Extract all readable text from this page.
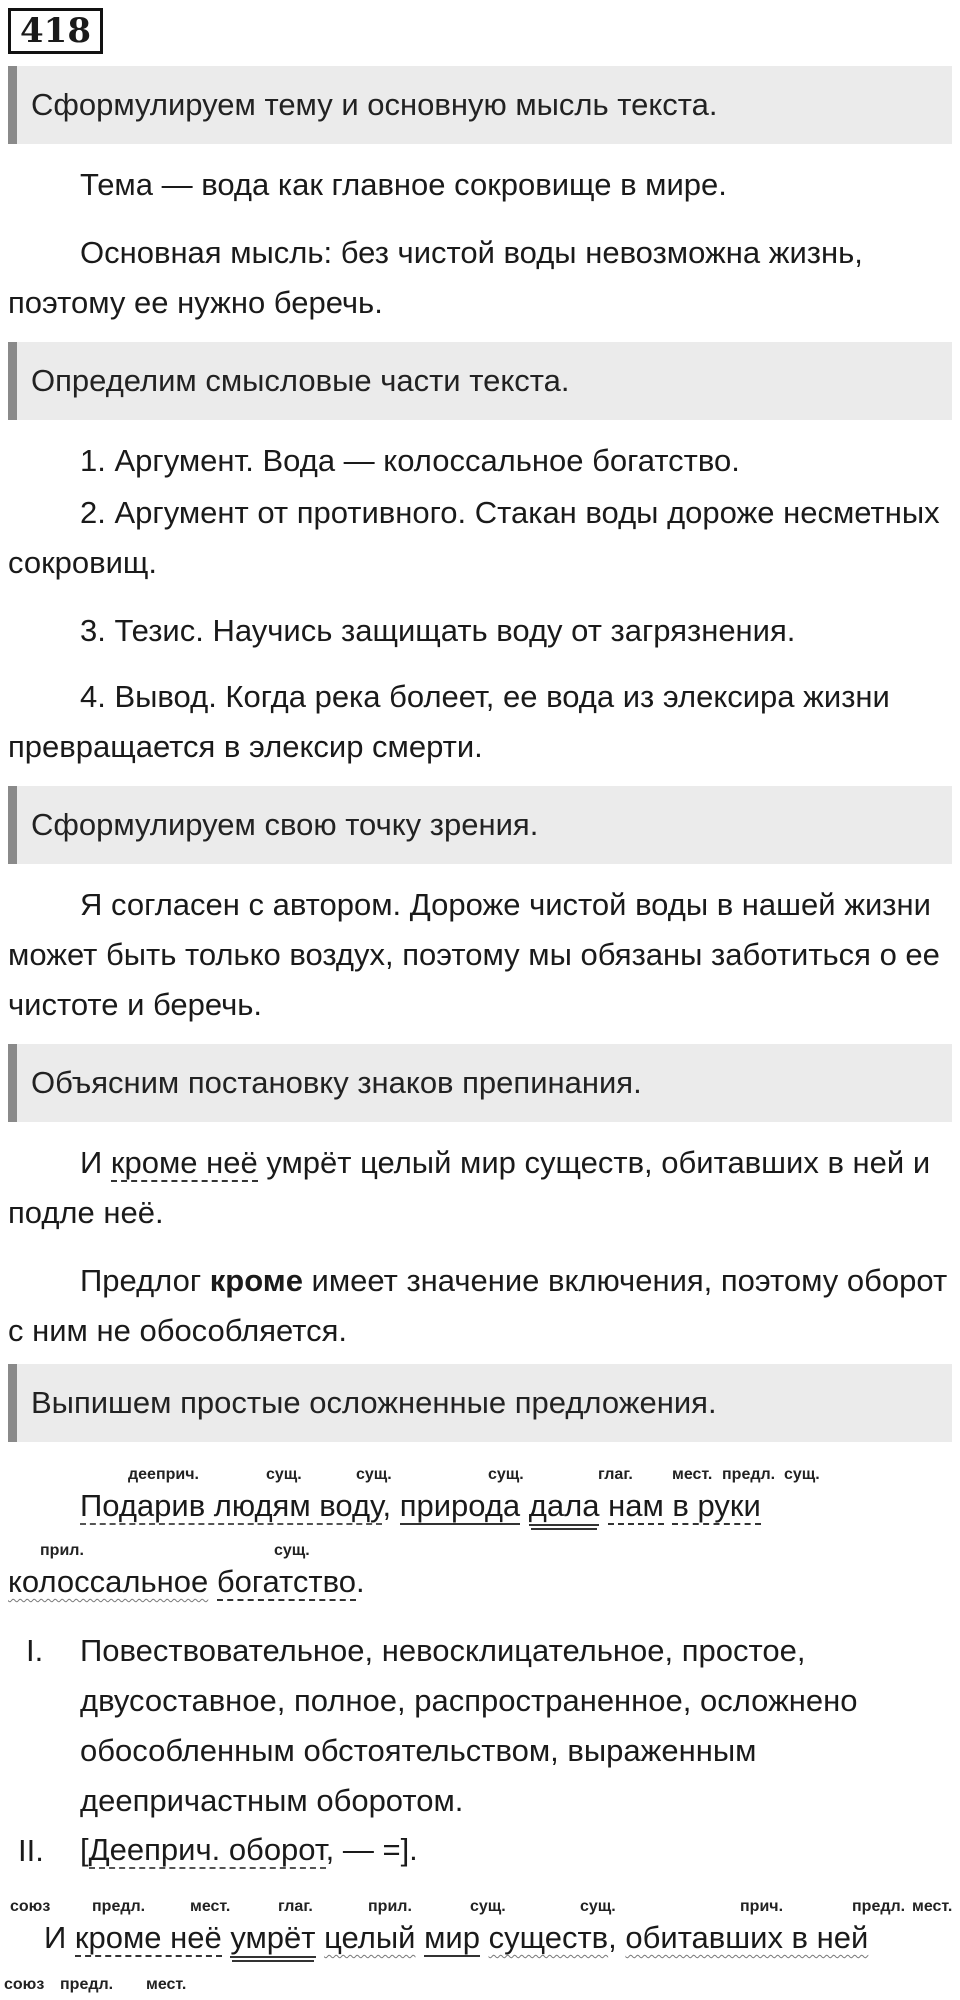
418
Сформулируем тему и основную мысль текста.

Тема — вода как главное сокровище в мире.

Основная мысль: без чистой воды невозможна жизнь, поэтому ее нужно беречь.

Определим смысловые части текста.

1. Аргумент. Вода — колоссальное богатство.

2. Аргумент от противного. Стакан воды дороже несметных сокровищ.

3. Тезис. Научись защищать воду от загрязнения.

4. Вывод. Когда река болеет, ее вода из элексира жизни превращается в элексир смерти.

Сформулируем свою точку зрения.

Я согласен с автором. Дороже чистой воды в нашей жизни может быть только воздух, поэтому мы обязаны заботиться о ее чистоте и беречь.

Объясним постановку знаков препинания.

И кроме неё умрёт целый мир существ, обитавших в ней и подле неё.

Предлог кроме имеет значение включения, поэтому оборот с ним не обособляется.

Выпишем простые осложненные предложения.
дееприч.	сущ.	сущ.	сущ.	глаг. мест. предл. сущ.
Подарив людям воду, природа дала нам в руки
прил.	сущ.
колоссальное богатство.
I. Повествовательное, невосклицательное, простое, двусоставное, полное, распространенное, осложнено обособленным обстоятельством, выраженным деепричастным оборотом.

II. [Дееприч. оборот, — =].
союз	предл.	мест.	глаг.	прил.	сущ.	сущ.	прич.	предл. мест.
И кроме неё умрёт целый мир существ, обитавших в ней
союз предл. мест.
